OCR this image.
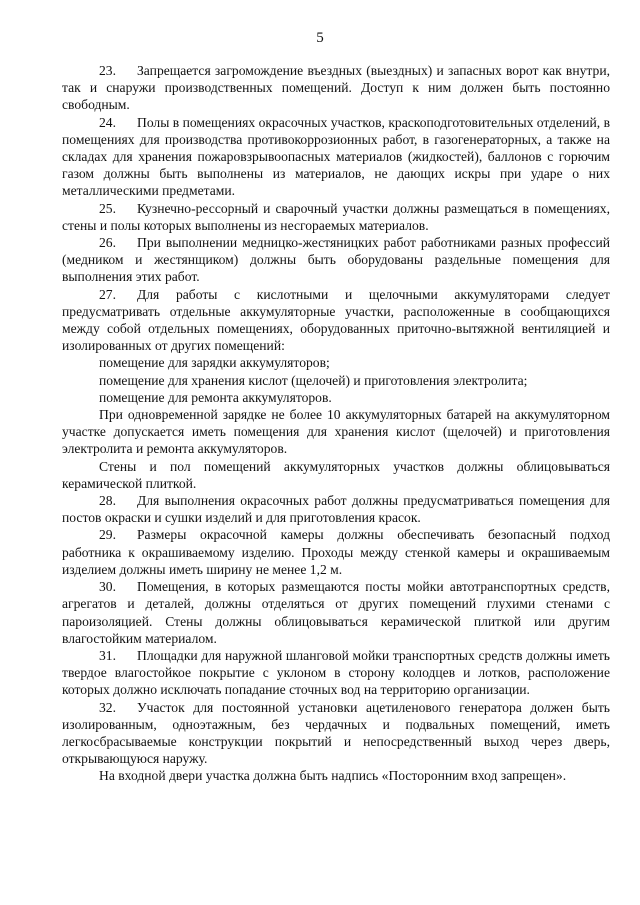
5

23. Запрещается загромождение въездных (выездных) и запасных ворот как внутри, так и снаружи производственных помещений. Доступ к ним должен быть постоянно свободным.

24. Полы в помещениях окрасочных участков, краскоподготовительных отделений, в помещениях для производства противокоррозионных работ, в газогенераторных, а также на складах для хранения пожаровзрывоопасных материалов (жидкостей), баллонов с горючим газом должны быть выполнены из материалов, не дающих искры при ударе о них металлическими предметами.

25. Кузнечно-рессорный и сварочный участки должны размещаться в помещениях, стены и полы которых выполнены из несгораемых материалов.

26. При выполнении медницко-жестяницких работ работниками разных профессий (медником и жестянщиком) должны быть оборудованы раздельные помещения для выполнения этих работ.

27. Для работы с кислотными и щелочными аккумуляторами следует предусматривать отдельные аккумуляторные участки, расположенные в сообщающихся между собой отдельных помещениях, оборудованных приточно-вытяжной вентиляцией и изолированных от других помещений:

помещение для зарядки аккумуляторов;

помещение для хранения кислот (щелочей) и приготовления электролита;

помещение для ремонта аккумуляторов.

При одновременной зарядке не более 10 аккумуляторных батарей на аккумуляторном участке допускается иметь помещения для хранения кислот (щелочей) и приготовления электролита и ремонта аккумуляторов.

Стены и пол помещений аккумуляторных участков должны облицовываться керамической плиткой.

28. Для выполнения окрасочных работ должны предусматриваться помещения для постов окраски и сушки изделий и для приготовления красок.

29. Размеры окрасочной камеры должны обеспечивать безопасный подход работника к окрашиваемому изделию. Проходы между стенкой камеры и окрашиваемым изделием должны иметь ширину не менее 1,2 м.

30. Помещения, в которых размещаются посты мойки автотранспортных средств, агрегатов и деталей, должны отделяться от других помещений глухими стенами с пароизоляцией. Стены должны облицовываться керамической плиткой или другим влагостойким материалом.

31. Площадки для наружной шланговой мойки транспортных средств должны иметь твердое влагостойкое покрытие с уклоном в сторону колодцев и лотков, расположение которых должно исключать попадание сточных вод на территорию организации.

32. Участок для постоянной установки ацетиленового генератора должен быть изолированным, одноэтажным, без чердачных и подвальных помещений, иметь легкосбрасываемые конструкции покрытий и непосредственный выход через дверь, открывающуюся наружу.

На входной двери участка должна быть надпись «Посторонним вход запрещен».
